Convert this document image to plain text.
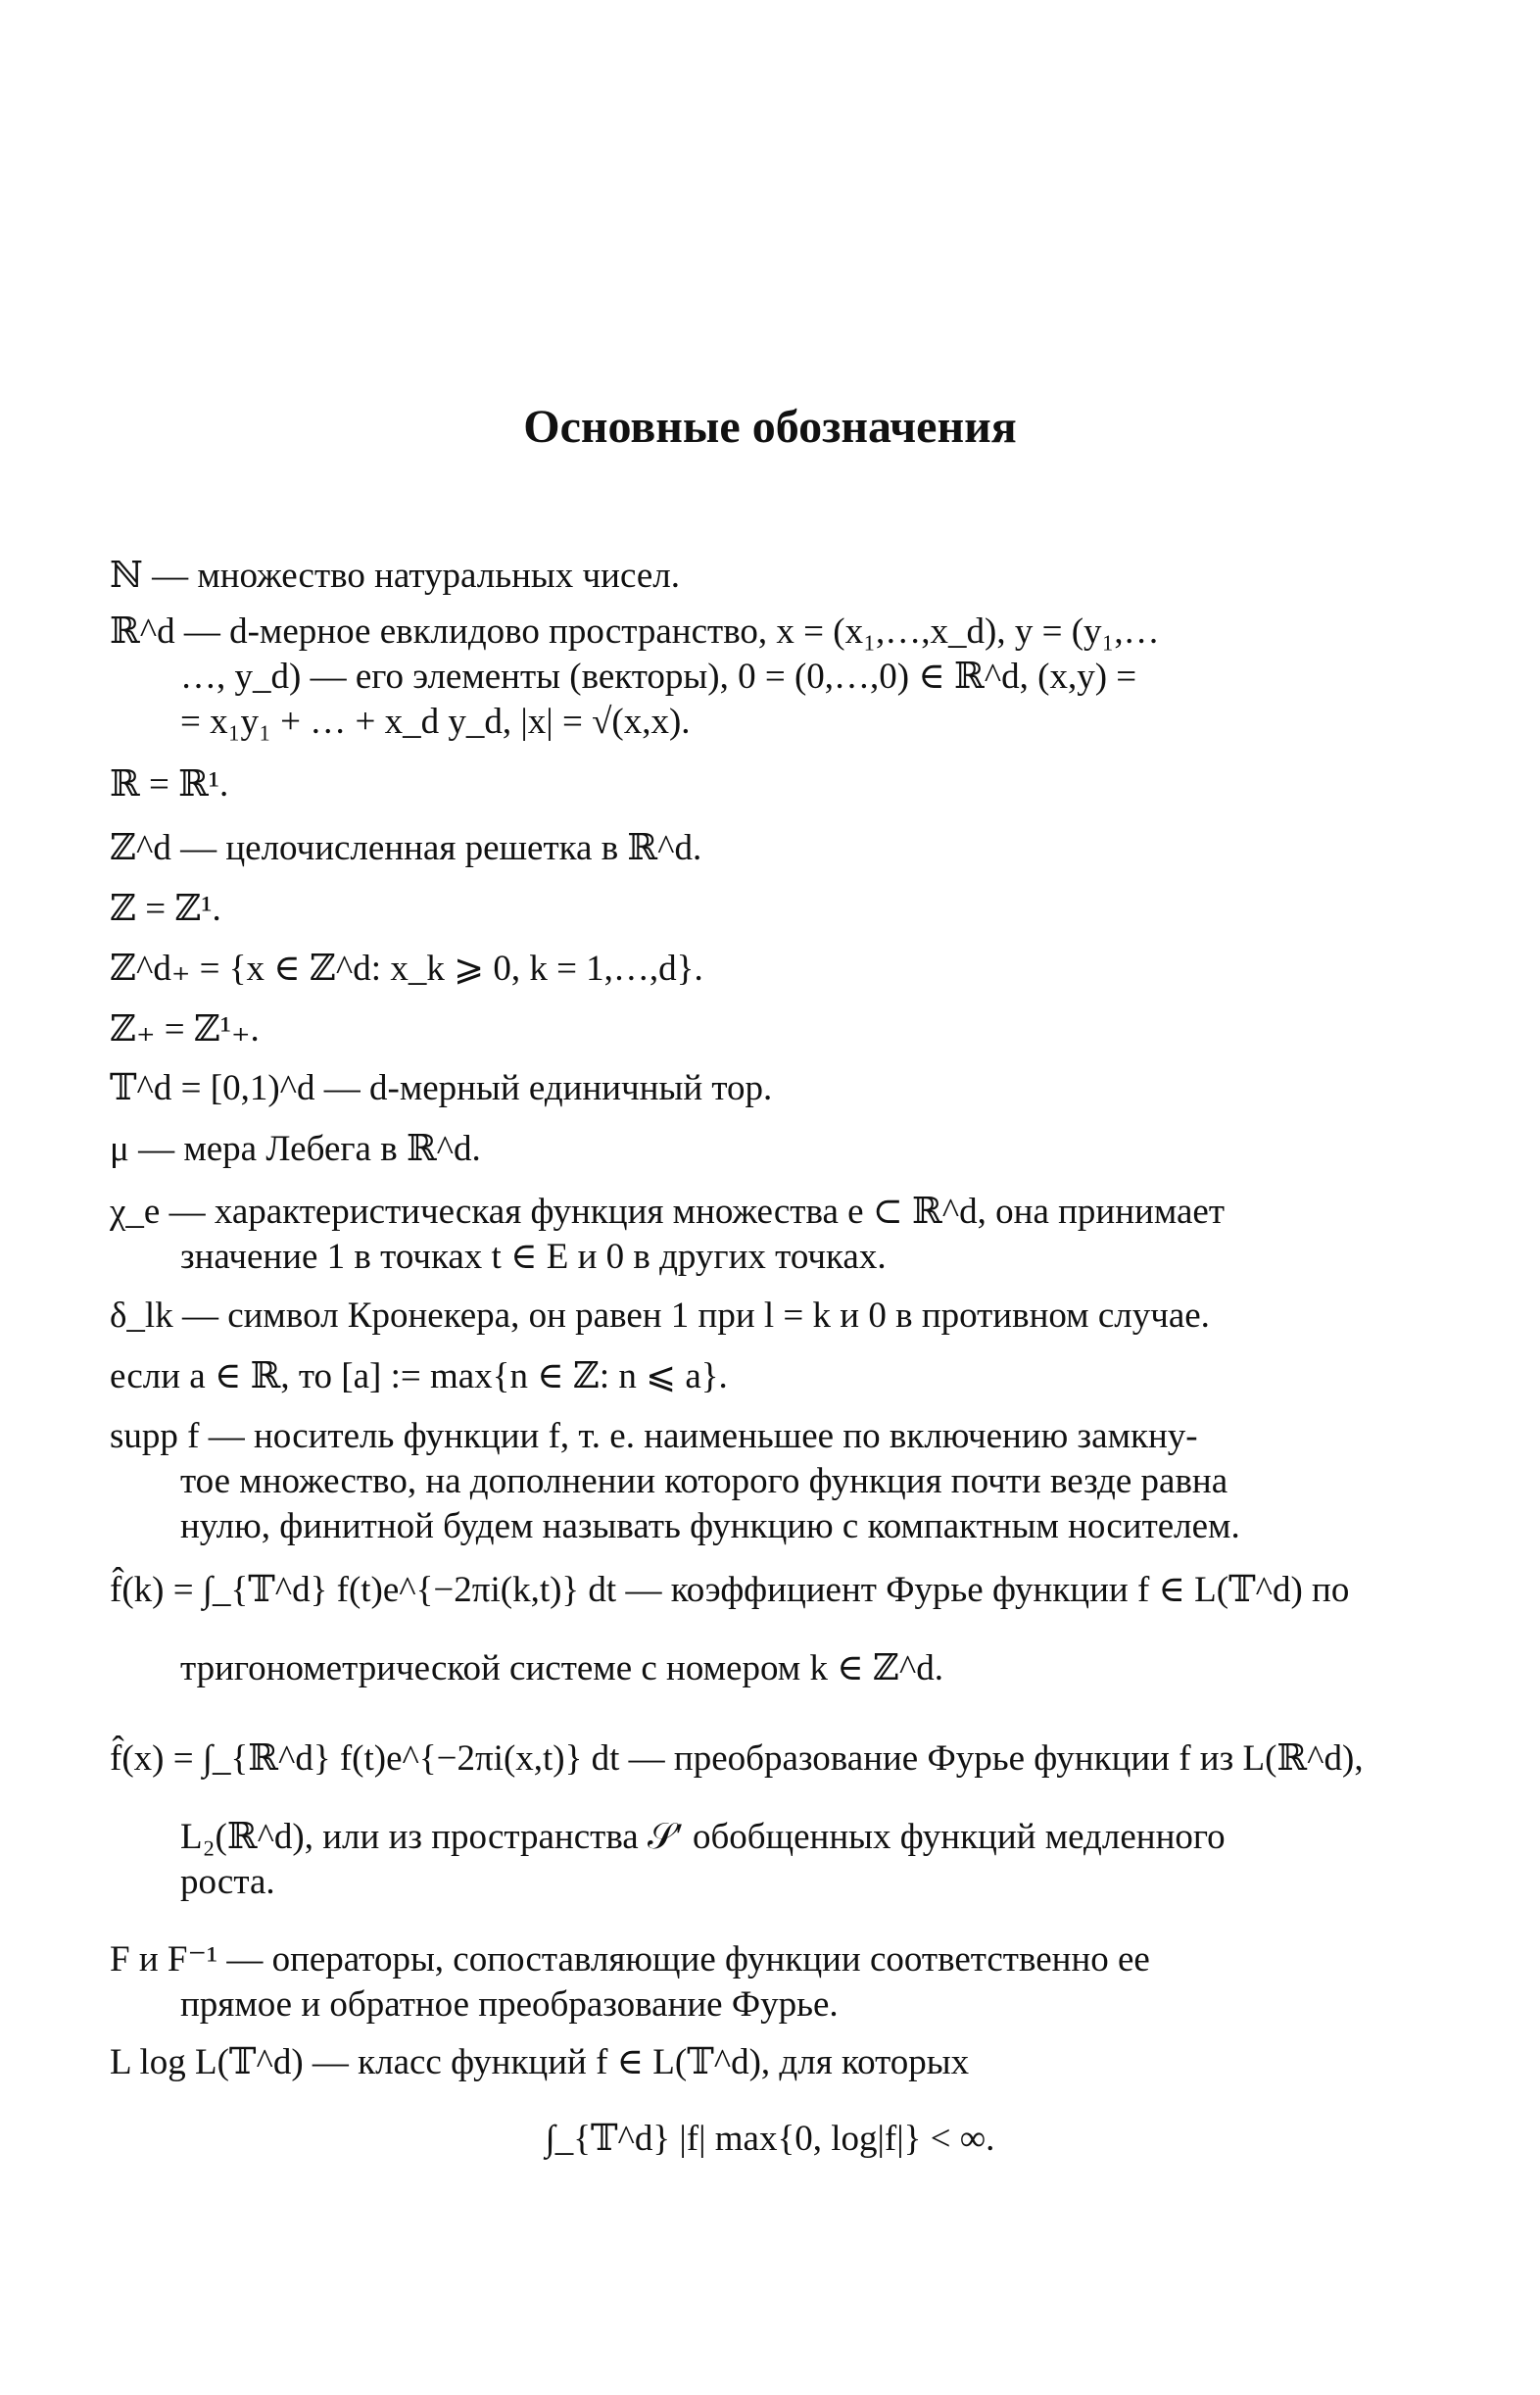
Основные обозначения
ℕ — множество натуральных чисел.
ℝ^d — d-мерное евклидово пространство, x = (x₁,…,x_d), y = (y₁,…
…, y_d) — его элементы (векторы), 0 = (0,…,0) ∈ ℝ^d, (x,y) =
= x₁y₁ + … + x_d y_d, |x| = √(x,x).
ℝ = ℝ¹.
ℤ^d — целочисленная решетка в ℝ^d.
ℤ = ℤ¹.
ℤ^d₊ = {x ∈ ℤ^d: x_k ⩾ 0, k = 1,…,d}.
ℤ₊ = ℤ¹₊.
𝕋^d = [0,1)^d — d-мерный единичный тор.
μ — мера Лебега в ℝ^d.
χ_e — характеристическая функция множества e ⊂ ℝ^d, она принимает
значение 1 в точках t ∈ E и 0 в других точках.
δ_lk — символ Кронекера, он равен 1 при l = k и 0 в противном случае.
если a ∈ ℝ, то [a] := max{n ∈ ℤ: n ⩽ a}.
supp f — носитель функции f, т. е. наименьшее по включению замкну-
тое множество, на дополнении которого функция почти везде равна
нулю, финитной будем называть функцию с компактным носителем.
f̂(k) = ∫_{𝕋^d} f(t)e^{−2πi(k,t)} dt — коэффициент Фурье функции f ∈ L(𝕋^d) по
тригонометрической системе с номером k ∈ ℤ^d.
f̂(x) = ∫_{ℝ^d} f(t)e^{−2πi(x,t)} dt — преобразование Фурье функции f из L(ℝ^d),
L₂(ℝ^d), или из пространства 𝒮′ обобщенных функций медленного
роста.
F и F⁻¹ — операторы, сопоставляющие функции соответственно ее
прямое и обратное преобразование Фурье.
L log L(𝕋^d) — класс функций f ∈ L(𝕋^d), для которых
∫_{𝕋^d} |f| max{0, log|f|} < ∞.
